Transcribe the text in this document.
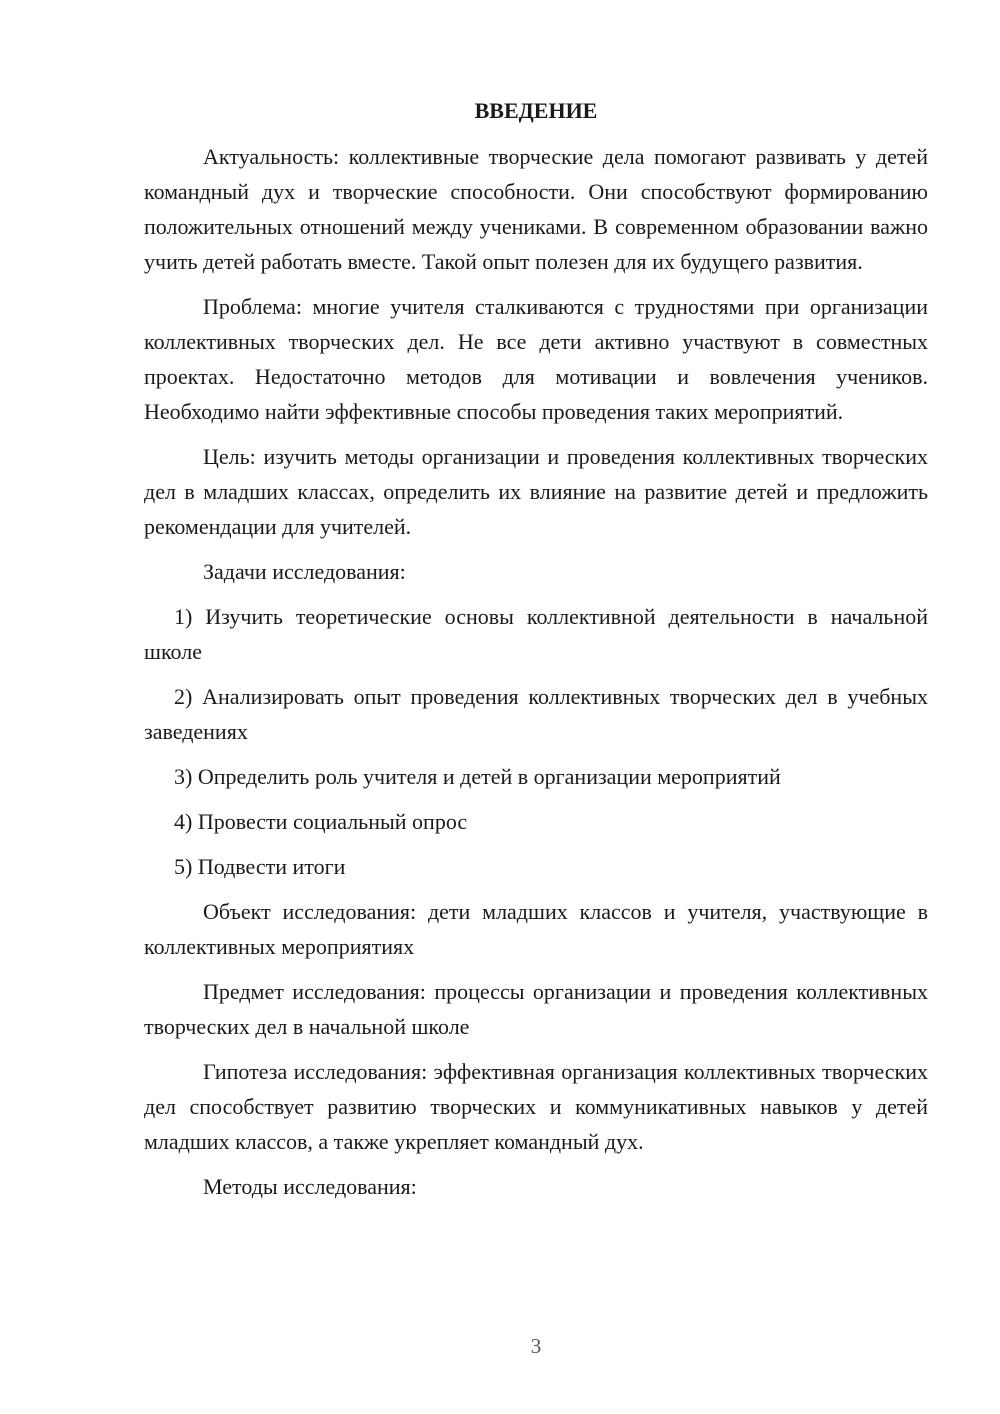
ВВЕДЕНИЕ

Актуальность: коллективные творческие дела помогают развивать у детей командный дух и творческие способности. Они способствуют формированию положительных отношений между учениками. В современном образовании важно учить детей работать вместе. Такой опыт полезен для их будущего развития.

Проблема: многие учителя сталкиваются с трудностями при организации коллективных творческих дел. Не все дети активно участвуют в совместных проектах. Недостаточно методов для мотивации и вовлечения учеников. Необходимо найти эффективные способы проведения таких мероприятий.

Цель: изучить методы организации и проведения коллективных творческих дел в младших классах, определить их влияние на развитие детей и предложить рекомендации для учителей.

Задачи исследования:

1) Изучить теоретические основы коллективной деятельности в начальной школе

2) Анализировать опыт проведения коллективных творческих дел в учебных заведениях

3) Определить роль учителя и детей в организации мероприятий

4) Провести социальный опрос

5) Подвести итоги

Объект исследования: дети младших классов и учителя, участвующие в коллективных мероприятиях

Предмет исследования: процессы организации и проведения коллективных творческих дел в начальной школе

Гипотеза исследования: эффективная организация коллективных творческих дел способствует развитию творческих и коммуникативных навыков у детей младших классов, а также укрепляет командный дух.

Методы исследования:

3
